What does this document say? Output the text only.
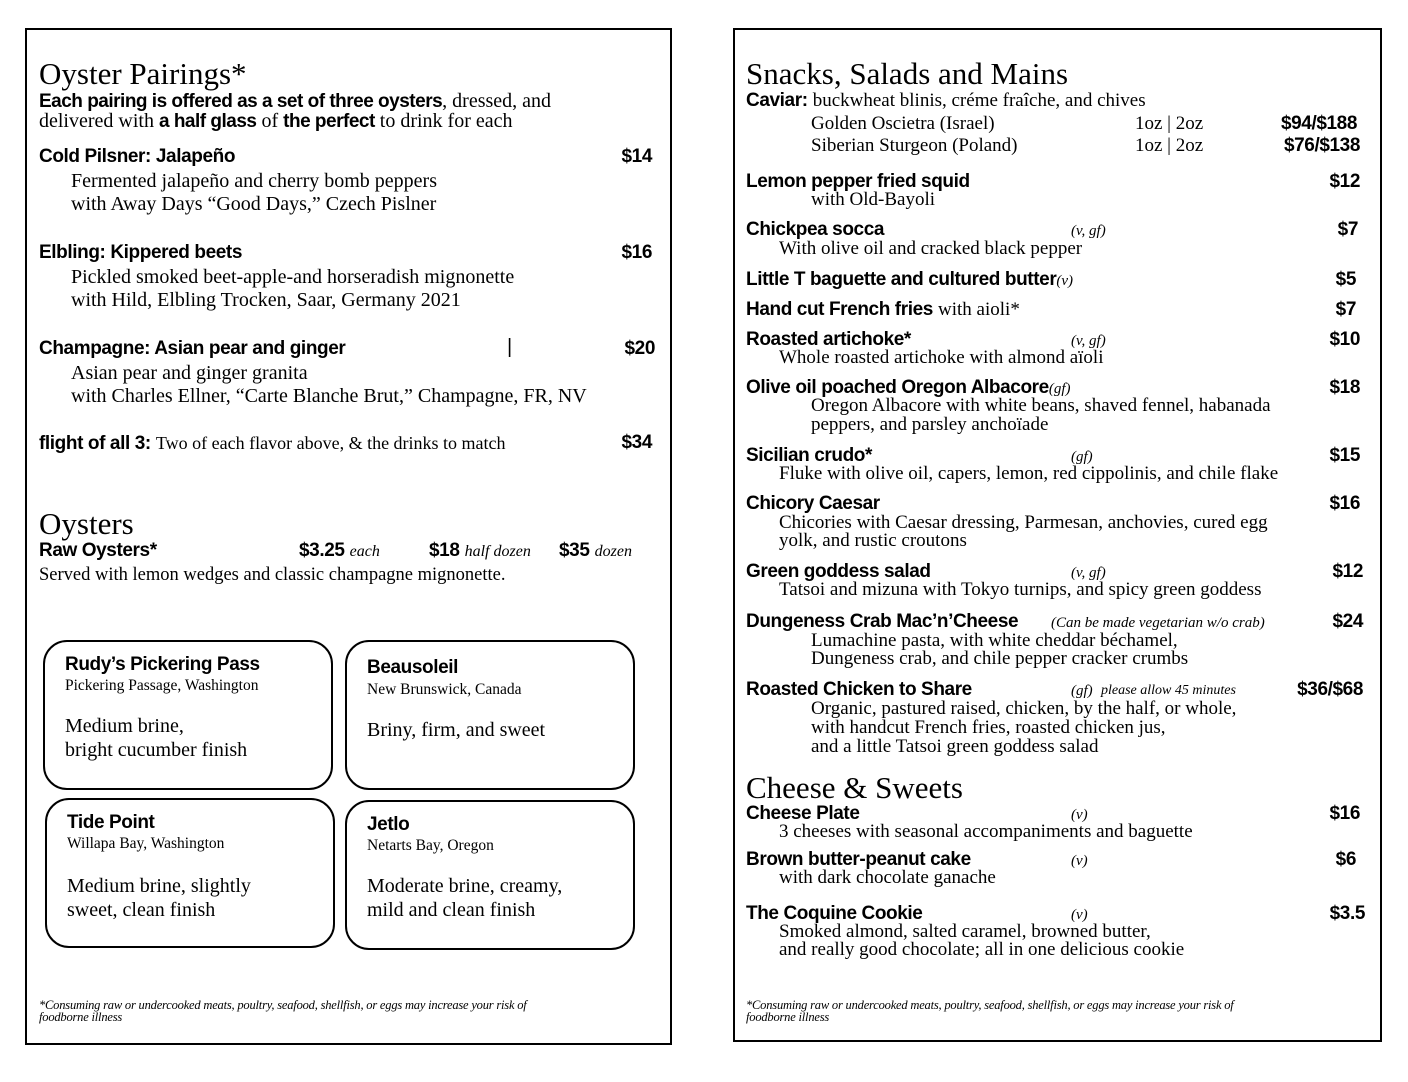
Oyster Pairings*
Each pairing is offered as a set of three oysters, dressed, and
delivered with a half glass of the perfect to drink for each
Cold Pilsner: Jalapeño	$14
Fermented jalapeño and cherry bomb peppers
with Away Days “Good Days,” Czech Pislner
Elbling: Kippered beets	$16
Pickled smoked beet-apple-and horseradish mignonette
with Hild, Elbling Trocken, Saar, Germany 2021
Champagne: Asian pear and ginger	|	$20
Asian pear and ginger granita
with Charles Ellner, “Carte Blanche Brut,” Champagne, FR, NV
flight of all 3: Two of each flavor above, & the drinks to match	$34
Oysters
Raw Oysters*	$3.25 each	$18 half dozen $35 dozen
Served with lemon wedges and classic champagne mignonette.
Rudy’s Pickering Pass
Pickering Passage, Washington
Medium brine,
bright cucumber finish
Beausoleil
New Brunswick, Canada
Briny, firm, and sweet
Tide Point
Willapa Bay, Washington
Medium brine, slightly
sweet, clean finish
Jetlo
Netarts Bay, Oregon
Moderate brine, creamy,
mild and clean finish
*Consuming raw or undercooked meats, poultry, seafood, shellfish, or eggs may increase your risk of
foodborne illness
Snacks, Salads and Mains
Caviar: buckwheat blinis, créme fraîche, and chives
Golden Oscietra (Israel)	1oz | 2oz	$94/$188
Siberian Sturgeon (Poland)	1oz | 2oz	$76/$138
Lemon pepper fried squid	$12
with Old-Bayoli
Chickpea socca	(v, gf)	$7
With olive oil and cracked black pepper
Little T baguette and cultured butter(v)	$5
Hand cut French fries with aioli*	$7
Roasted artichoke*	(v, gf)	$10
Whole roasted artichoke with almond aïoli
Olive oil poached Oregon Albacore(gf)	$18
Oregon Albacore with white beans, shaved fennel, habanada
peppers, and parsley anchoïade
Sicilian crudo*	(gf)	$15
Fluke with olive oil, capers, lemon, red cippolinis, and chile flake
Chicory Caesar	$16
Chicories with Caesar dressing, Parmesan, anchovies, cured egg
yolk, and rustic croutons
Green goddess salad	(v, gf)	$12
Tatsoi and mizuna with Tokyo turnips, and spicy green goddess
Dungeness Crab Mac’n’Cheese (Can be made vegetarian w/o crab)	$24
Lumachine pasta, with white cheddar béchamel,
Dungeness crab, and chile pepper cracker crumbs
Roasted Chicken to Share	(gf) please allow 45 minutes	$36/$68
Organic, pastured raised, chicken, by the half, or whole,
with handcut French fries, roasted chicken jus,
and a little Tatsoi green goddess salad
Cheese & Sweets
Cheese Plate	(v)	$16
3 cheeses with seasonal accompaniments and baguette
Brown butter-peanut cake	(v)	$6
with dark chocolate ganache
The Coquine Cookie	(v)	$3.5
Smoked almond, salted caramel, browned butter,
and really good chocolate; all in one delicious cookie
*Consuming raw or undercooked meats, poultry, seafood, shellfish, or eggs may increase your risk of
foodborne illness
